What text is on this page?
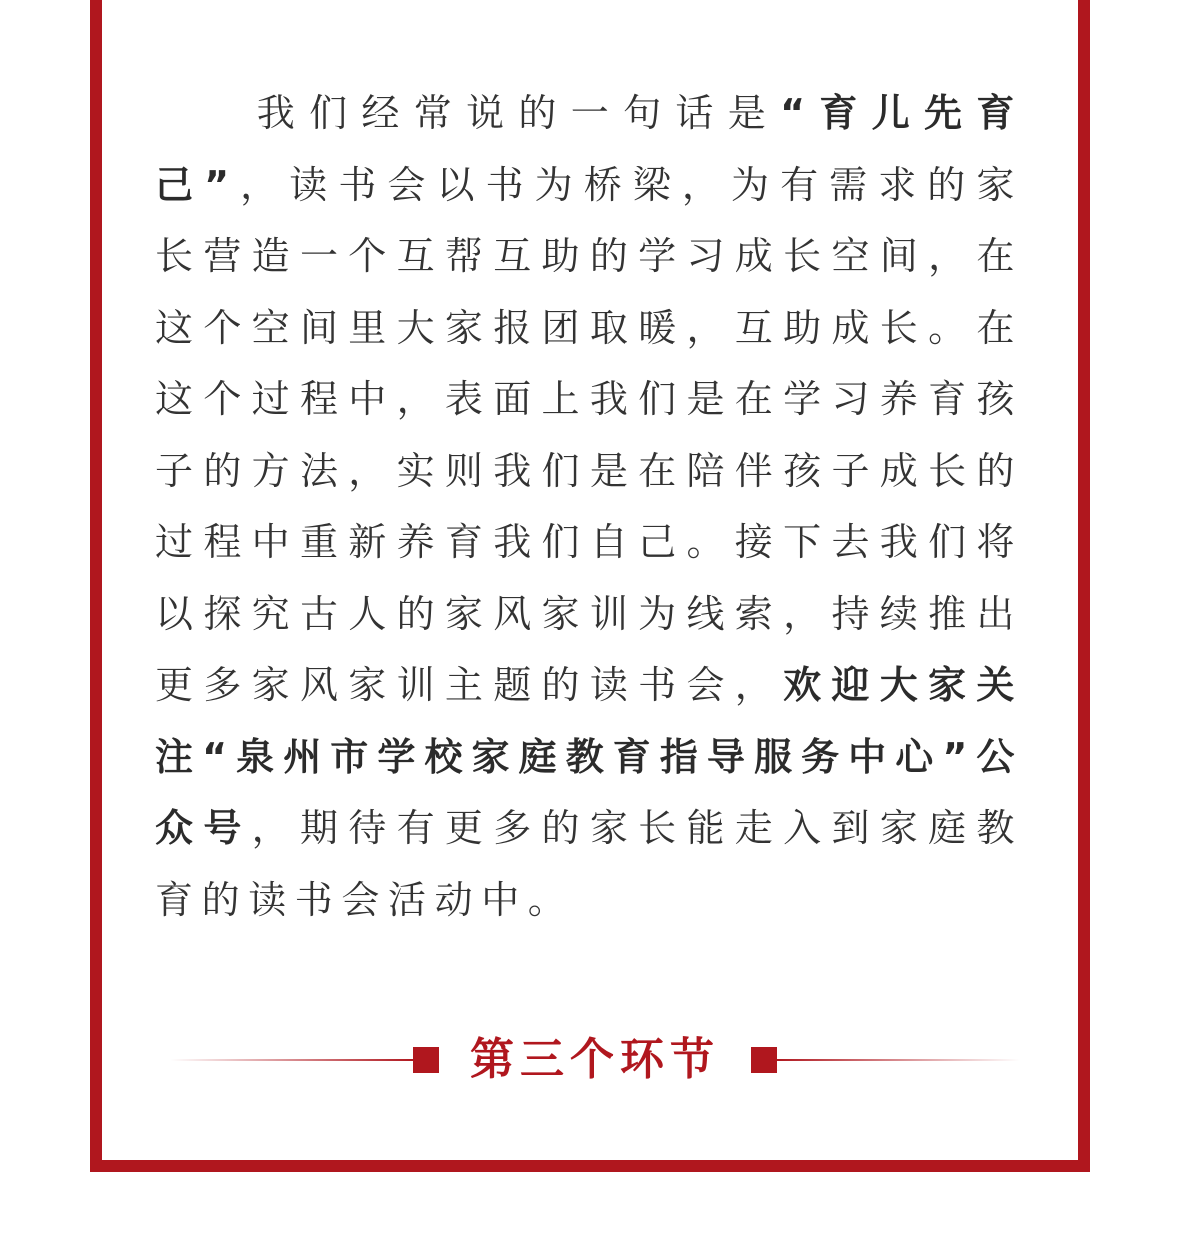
我们经常说的一句话是“育儿先育己”，读书会以书为桥梁，为有需求的家长营造一个互帮互助的学习成长空间，在这个空间里大家报团取暖，互助成长。在这个过程中，表面上我们是在学习养育孩子的方法，实则我们是在陪伴孩子成长的过程中重新养育我们自己。接下去我们将以探究古人的家风家训为线索，持续推出更多家风家训主题的读书会，欢迎大家关注“泉州市学校家庭教育指导服务中心”公众号，期待有更多的家长能走入到家庭教育的读书会活动中。

第三个环节
